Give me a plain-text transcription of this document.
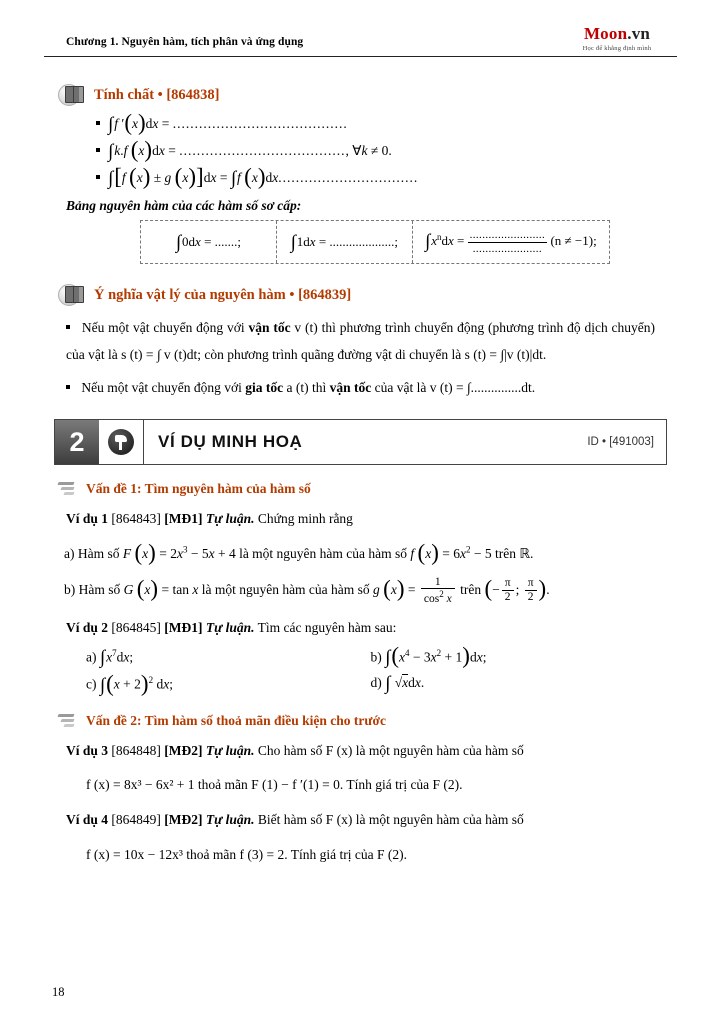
Chương 1. Nguyên hàm, tích phân và ứng dụng	Moon.vn
Học để khẳng định mình
Tính chất • [864838]
∫f ′(x)dx = ........................................
∫k.f (x)dx = ......................................, ∀k ≠ 0.
∫[f (x) ± g (x)]dx = ∫f (x)dx................................
Bảng nguyên hàm của các hàm số sơ cấp:
∫0dx = .......;	∫1dx = ....................; $\int x^ndx = \frac{........................}{......................} (n \ne -1)$;
Ý nghĩa vật lý của nguyên hàm • [864839]
Nếu một vật chuyển động với vận tốc v (t) thì phương trình chuyển động (phương trình độ dịch chuyển) của vật là s (t) = ∫ v (t)dt; còn phương trình quãng đường vật di chuyển là s (t) = ∫|v (t)|dt.
Nếu một vật chuyển động với gia tốc a (t) thì vận tốc của vật là v (t) = ∫...............dt.
2	VÍ DỤ MINH HOẠ	ID • [491003]
Vấn đề 1: Tìm nguyên hàm của hàm số
Ví dụ 1 [864843] [MĐ1] Tự luận. Chứng minh rằng
a) Hàm số F $(x) = 2x^3 - 5x + 4$ là một nguyên hàm của hàm số f $(x) = 6x^2 - 5$ trên ℝ.
b) Hàm số G (x) = tan x là một nguyên hàm của hàm số g $(x) = \frac{1}{\cos^2 x}$ trên (− $\frac{\pi}{2}$ ; $\frac{\pi}{2}$ ).
Ví dụ 2 [864845] [MĐ1] Tự luận. Tìm các nguyên hàm sau:
a) $\int x^7dx$;	b) $\int(x^4 - 3x^2 + 1)dx$;
c) $\int(x + 2)^2$ dx;	d) ∫ √xdx.
Vấn đề 2: Tìm hàm số thoả mãn điều kiện cho trước
Ví dụ 3 [864848] [MĐ2] Tự luận. Cho hàm số F (x) là một nguyên hàm của hàm số
f (x) = 8x³ − 6x² + 1 thoả mãn F (1) − f ′(1) = 0. Tính giá trị của F (2).
Ví dụ 4 [864849] [MĐ2] Tự luận. Biết hàm số F (x) là một nguyên hàm của hàm số
f (x) = 10x − 12x³ thoả mãn f (3) = 2. Tính giá trị của F (2).
18
